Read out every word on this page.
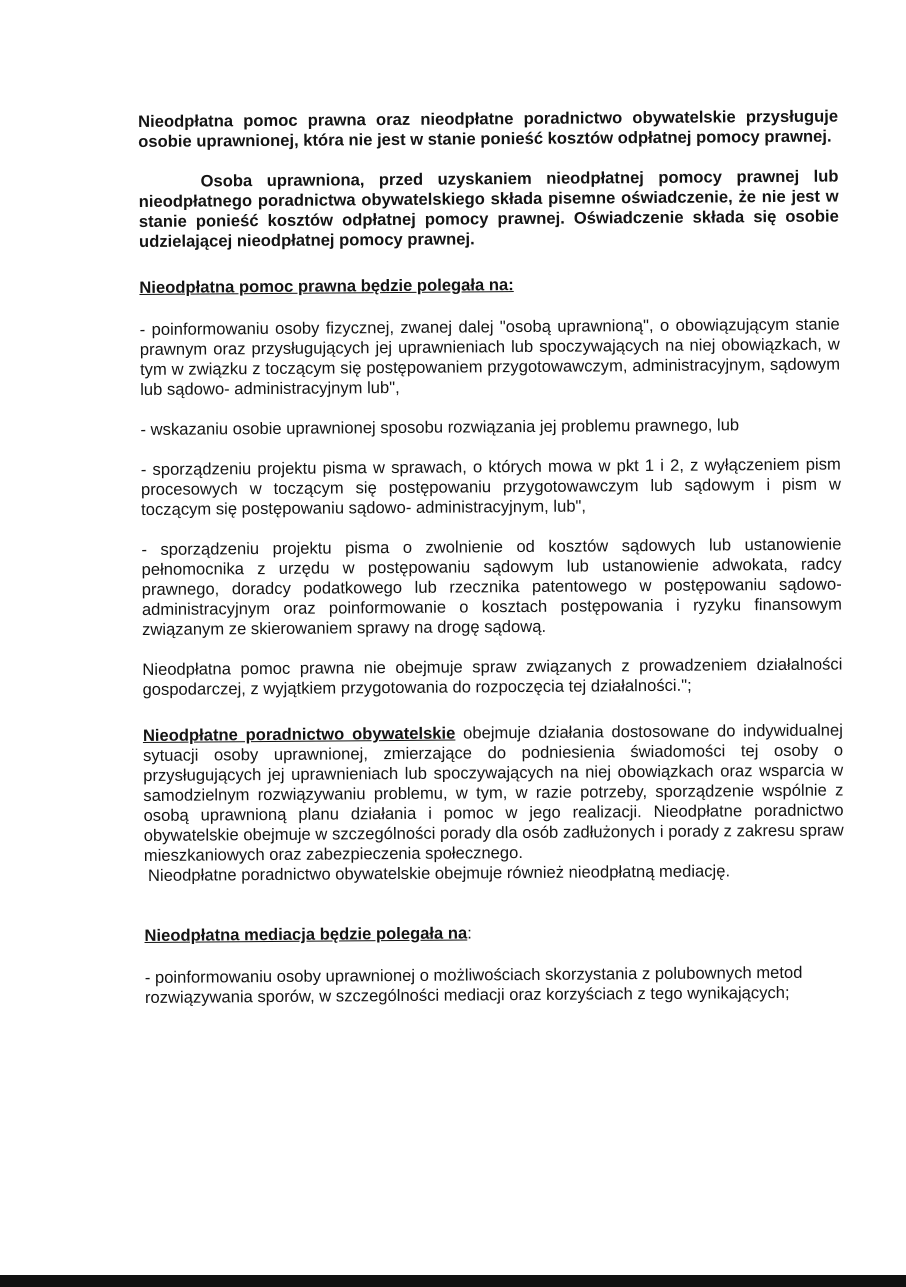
Nieodpłatna pomoc prawna oraz nieodpłatne poradnictwo obywatelskie przysługuje osobie uprawnionej, która nie jest w stanie ponieść kosztów odpłatnej pomocy prawnej.

Osoba uprawniona, przed uzyskaniem nieodpłatnej pomocy prawnej lub nieodpłatnego poradnictwa obywatelskiego składa pisemne oświadczenie, że nie jest w stanie ponieść kosztów odpłatnej pomocy prawnej. Oświadczenie składa się osobie udzielającej nieodpłatnej pomocy prawnej.

Nieodpłatna pomoc prawna będzie polegała na:

- poinformowaniu osoby fizycznej, zwanej dalej "osobą uprawnioną", o obowiązującym stanie prawnym oraz przysługujących jej uprawnieniach lub spoczywających na niej obowiązkach, w tym w związku z toczącym się postępowaniem przygotowawczym, administracyjnym, sądowym lub sądowo- administracyjnym lub",

- wskazaniu osobie uprawnionej sposobu rozwiązania jej problemu prawnego, lub

- sporządzeniu projektu pisma w sprawach, o których mowa w pkt 1 i 2, z wyłączeniem pism procesowych w toczącym się postępowaniu przygotowawczym lub sądowym i pism w toczącym się postępowaniu sądowo- administracyjnym, lub",

- sporządzeniu projektu pisma o zwolnienie od kosztów sądowych lub ustanowienie pełnomocnika z urzędu w postępowaniu sądowym lub ustanowienie adwokata, radcy prawnego, doradcy podatkowego lub rzecznika patentowego w postępowaniu sądowo- administracyjnym oraz poinformowanie o kosztach postępowania i ryzyku finansowym związanym ze skierowaniem sprawy na drogę sądową.

Nieodpłatna pomoc prawna nie obejmuje spraw związanych z prowadzeniem działalności gospodarczej, z wyjątkiem przygotowania do rozpoczęcia tej działalności.";

Nieodpłatne poradnictwo obywatelskie obejmuje działania dostosowane do indywidualnej sytuacji osoby uprawnionej, zmierzające do podniesienia świadomości tej osoby o przysługujących jej uprawnieniach lub spoczywających na niej obowiązkach oraz wsparcia w samodzielnym rozwiązywaniu problemu, w tym, w razie potrzeby, sporządzenie wspólnie z osobą uprawnioną planu działania i pomoc w jego realizacji. Nieodpłatne poradnictwo obywatelskie obejmuje w szczególności porady dla osób zadłużonych i porady z zakresu spraw mieszkaniowych oraz zabezpieczenia społecznego.

Nieodpłatne poradnictwo obywatelskie obejmuje również nieodpłatną mediację.

Nieodpłatna mediacja będzie polegała na

:

- poinformowaniu osoby uprawnionej o możliwościach skorzystania z polubownych metod rozwiązywania sporów, w szczególności mediacji oraz korzyściach z tego wynikających;
